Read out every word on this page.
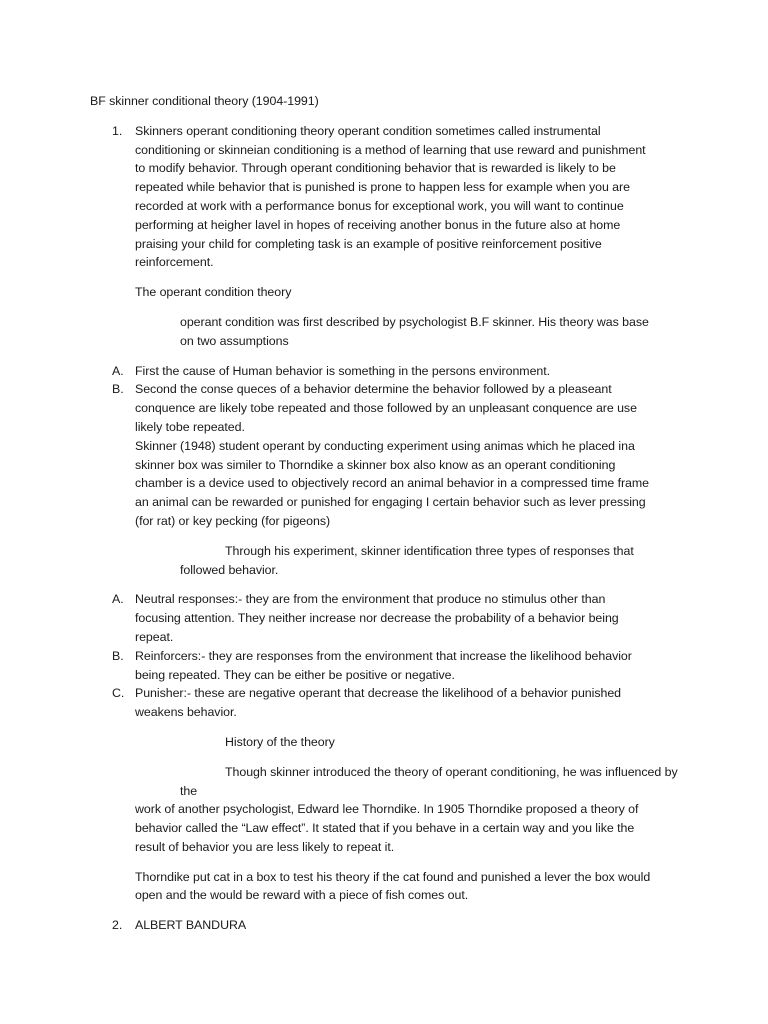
BF skinner conditional theory (1904-1991)

1.	Skinners operant conditioning theory operant condition sometimes called instrumental

conditioning or skinneian conditioning is a method of learning that use reward and punishment

to modify behavior. Through operant conditioning behavior that is rewarded is likely to be

repeated while behavior that is punished is prone to happen less for example when you are

recorded at work with a performance bonus for exceptional work, you will want to continue

performing at heigher lavel in hopes of receiving another bonus in the future also at home

praising your child for completing task is an example of positive reinforcement positive

reinforcement.

The operant condition theory

operant condition was first described by psychologist B.F skinner. His theory was base

on two assumptions

A. First the cause of Human behavior is something in the persons environment.

B. Second the conse queces of a behavior determine the behavior followed by a pleaseant

conquence are likely tobe repeated and those followed by an unpleasant conquence are use

likely tobe repeated.

Skinner (1948) student operant by conducting experiment using animas which he placed ina

skinner box was similer to Thorndike a skinner box also know as an operant conditioning

chamber is a device used to objectively record an animal behavior in a compressed time frame

an animal can be rewarded or punished for engaging I certain behavior such as lever pressing

(for rat) or key pecking (for pigeons)

Through his experiment, skinner identification three types of responses that

followed behavior.

A. Neutral responses:- they are from the environment that produce no stimulus other than

focusing attention. They neither increase nor decrease the probability of a behavior being

repeat.

B. Reinforcers:- they are responses from the environment that increase the likelihood behavior

being repeated. They can be either be positive or negative.

C. Punisher:- these are negative operant that decrease the likelihood of a behavior punished

weakens behavior.

History of the theory

Though skinner introduced the theory of operant conditioning, he was influenced by the

work of another psychologist, Edward lee Thorndike. In 1905 Thorndike proposed a theory of

behavior called the “Law effect”. It stated that if you behave in a certain way and you like the

result of behavior you are less likely to repeat it.

Thorndike put cat in a box to test his theory if the cat found and punished a lever the box would

open and the would be reward with a piece of fish comes out.

2.	ALBERT BANDURA
